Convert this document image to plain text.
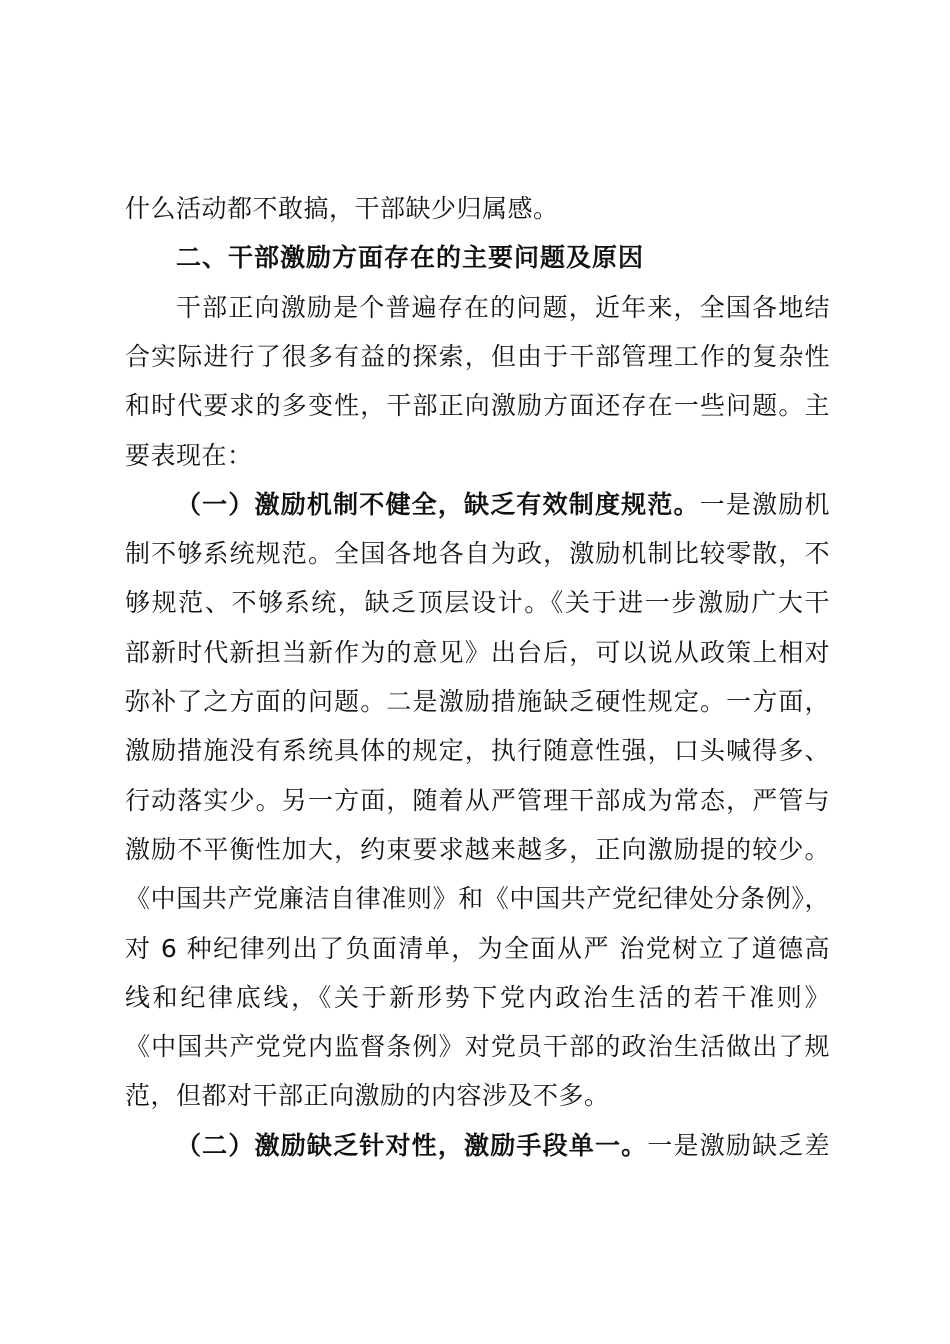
什么活动都不敢搞，干部缺少归属感。
二、干部激励方面存在的主要问题及原因
干部正向激励是个普遍存在的问题，近年来，全国各地结
合实际进行了很多有益的探索，但由于干部管理工作的复杂性
和时代要求的多变性，干部正向激励方面还存在一些问题。主
要表现在：
（一）激励机制不健全，缺乏有效制度规范。一是激励机
制不够系统规范。全国各地各自为政，激励机制比较零散，不
够规范、不够系统，缺乏顶层设计。《关于进一步激励广大干
部新时代新担当新作为的意见》出台后，可以说从政策上相对
弥补了之方面的问题。二是激励措施缺乏硬性规定。一方面，
激励措施没有系统具体的规定，执行随意性强，口头喊得多、
行动落实少。另一方面，随着从严管理干部成为常态，严管与
激励不平衡性加大，约束要求越来越多，正向激励提的较少。
《中国共产党廉洁自律准则》和《中国共产党纪律处分条例》，
对 6 种纪律列出了负面清单，为全面从严 治党树立了道德高
线和纪律底线，《关于新形势下党内政治生活的若干准则》
《中国共产党党内监督条例》对党员干部的政治生活做出了规
范，但都对干部正向激励的内容涉及不多。
（二）激励缺乏针对性，激励手段单一。一是激励缺乏差
